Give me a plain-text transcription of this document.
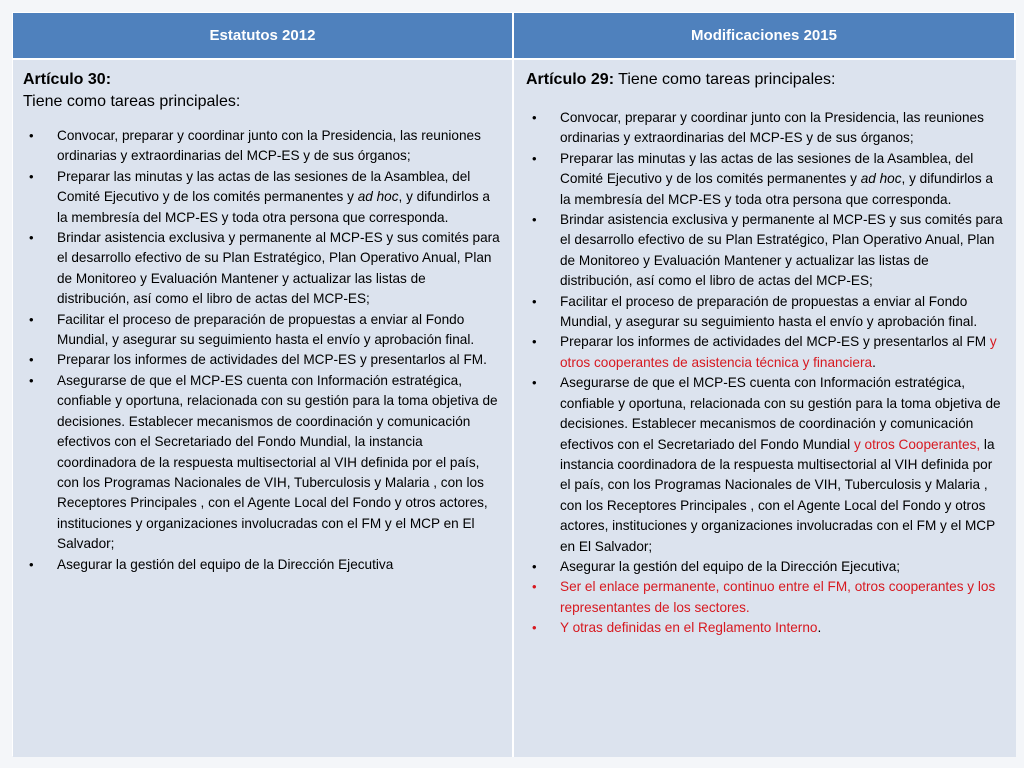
Estatutos 2012	Modificaciones 2015
Artículo 30:
Tiene como tareas principales:
• Convocar, preparar y coordinar junto con la Presidencia, las reuniones ordinarias y extraordinarias del MCP-ES y de sus órganos;
• Preparar las minutas y las actas de las sesiones de la Asamblea, del Comité Ejecutivo y de los comités permanentes y ad hoc, y difundirlos a la membresía del MCP-ES y toda otra persona que corresponda.
• Brindar asistencia exclusiva y permanente al MCP-ES y sus comités para el desarrollo efectivo de su Plan Estratégico, Plan Operativo Anual, Plan de Monitoreo y Evaluación Mantener y actualizar las listas de distribución, así como el libro de actas del MCP-ES;
• Facilitar el proceso de preparación de propuestas a enviar al Fondo Mundial, y asegurar su seguimiento hasta el envío y aprobación final.
• Preparar los informes de actividades del MCP-ES y presentarlos al FM.
• Asegurarse de que el MCP-ES cuenta con Información estratégica, confiable y oportuna, relacionada con su gestión para la toma objetiva de decisiones. Establecer mecanismos de coordinación y comunicación efectivos con el Secretariado del Fondo Mundial, la instancia coordinadora de la respuesta multisectorial al VIH definida por el país, con los Programas Nacionales de VIH, Tuberculosis y Malaria , con los Receptores Principales , con el Agente Local del Fondo y otros actores, instituciones y organizaciones involucradas con el FM y el MCP en El Salvador;
• Asegurar la gestión del equipo de la Dirección Ejecutiva
Artículo 29: Tiene como tareas principales:
• Convocar, preparar y coordinar junto con la Presidencia, las reuniones ordinarias y extraordinarias del MCP-ES y de sus órganos;
• Preparar las minutas y las actas de las sesiones de la Asamblea, del Comité Ejecutivo y de los comités permanentes y ad hoc, y difundirlos a la membresía del MCP-ES y toda otra persona que corresponda.
• Brindar asistencia exclusiva y permanente al MCP-ES y sus comités para el desarrollo efectivo de su Plan Estratégico, Plan Operativo Anual, Plan de Monitoreo y Evaluación Mantener y actualizar las listas de distribución, así como el libro de actas del MCP-ES;
• Facilitar el proceso de preparación de propuestas a enviar al Fondo Mundial, y asegurar su seguimiento hasta el envío y aprobación final.
• Preparar los informes de actividades del MCP-ES y presentarlos al FM y otros cooperantes de asistencia técnica y financiera.
• Asegurarse de que el MCP-ES cuenta con Información estratégica, confiable y oportuna, relacionada con su gestión para la toma objetiva de decisiones. Establecer mecanismos de coordinación y comunicación efectivos con el Secretariado del Fondo Mundial y otros Cooperantes, la instancia coordinadora de la respuesta multisectorial al VIH definida por el país, con los Programas Nacionales de VIH, Tuberculosis y Malaria , con los Receptores Principales , con el Agente Local del Fondo y otros actores, instituciones y organizaciones involucradas con el FM y el MCP en El Salvador;
• Asegurar la gestión del equipo de la Dirección Ejecutiva;
• Ser el enlace permanente, continuo entre el FM, otros cooperantes y los representantes de los sectores.
• Y otras definidas en el Reglamento Interno.
